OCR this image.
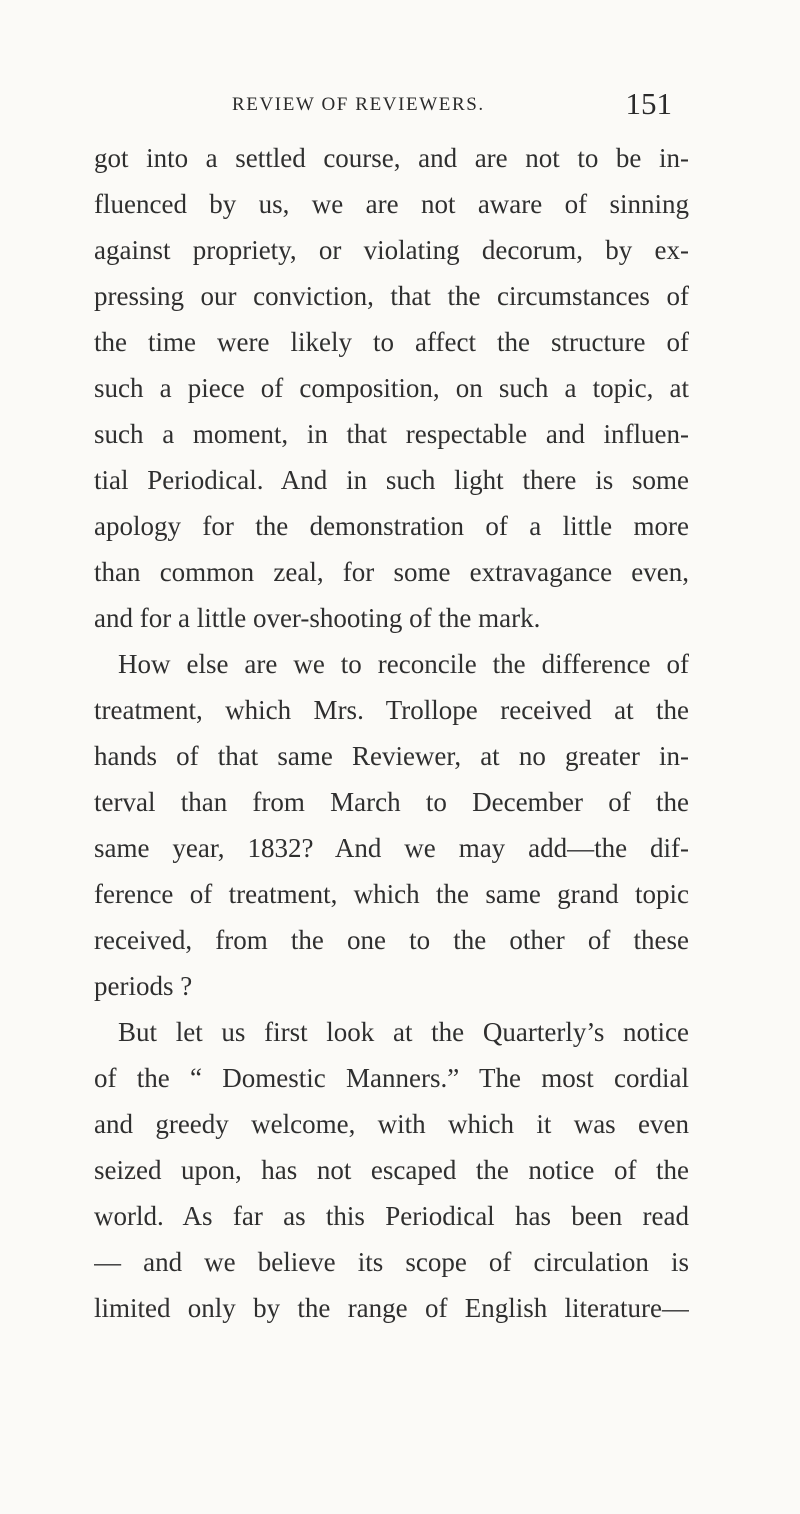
REVIEW OF REVIEWERS.	151
got into a settled course, and are not to be in-
fluenced by us, we are not aware of sinning
against propriety, or violating decorum, by ex-
pressing our conviction, that the circumstances of
the time were likely to affect the structure of
such a piece of composition, on such a topic, at
such a moment, in that respectable and influen-
tial Periodical. And in such light there is some
apology for the demonstration of a little more
than common zeal, for some extravagance even,
and for a little over-shooting of the mark.
How else are we to reconcile the difference of
treatment, which Mrs. Trollope received at the
hands of that same Reviewer, at no greater in-
terval than from March to December of the
same year, 1832? And we may add—the dif-
ference of treatment, which the same grand topic
received, from the one to the other of these
periods ?
But let us first look at the Quarterly’s notice
of the “ Domestic Manners.” The most cordial
and greedy welcome, with which it was even
seized upon, has not escaped the notice of the
world. As far as this Periodical has been read
— and we believe its scope of circulation is
limited only by the range of English literature—
